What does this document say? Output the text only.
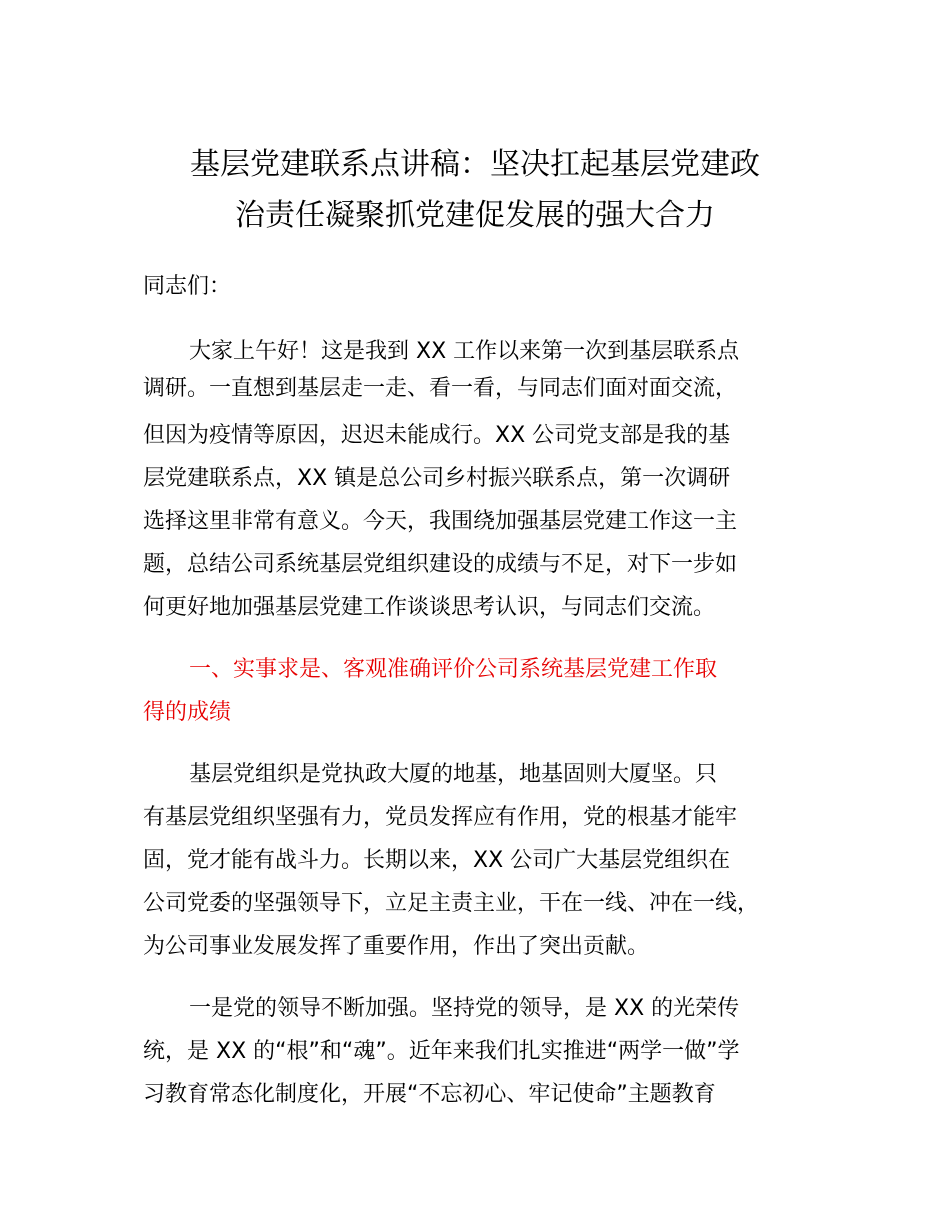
基层党建联系点讲稿：坚决扛起基层党建政
治责任凝聚抓党建促发展的强大合力
同志们：
大家上午好！这是我到 XX 工作以来第一次到基层联系点
调研。一直想到基层走一走、看一看，与同志们面对面交流，
但因为疫情等原因，迟迟未能成行。XX 公司党支部是我的基
层党建联系点，XX 镇是总公司乡村振兴联系点，第一次调研
选择这里非常有意义。今天，我围绕加强基层党建工作这一主
题，总结公司系统基层党组织建设的成绩与不足，对下一步如
何更好地加强基层党建工作谈谈思考认识，与同志们交流。
一、实事求是、客观准确评价公司系统基层党建工作取
得的成绩
基层党组织是党执政大厦的地基，地基固则大厦坚。只
有基层党组织坚强有力，党员发挥应有作用，党的根基才能牢
固，党才能有战斗力。长期以来，XX 公司广大基层党组织在
公司党委的坚强领导下，立足主责主业，干在一线、冲在一线，
为公司事业发展发挥了重要作用，作出了突出贡献。
一是党的领导不断加强。坚持党的领导，是 XX 的光荣传
统，是 XX 的“根”和“魂”。近年来我们扎实推进“两学一做”学
习教育常态化制度化，开展“不忘初心、牢记使命”主题教育
